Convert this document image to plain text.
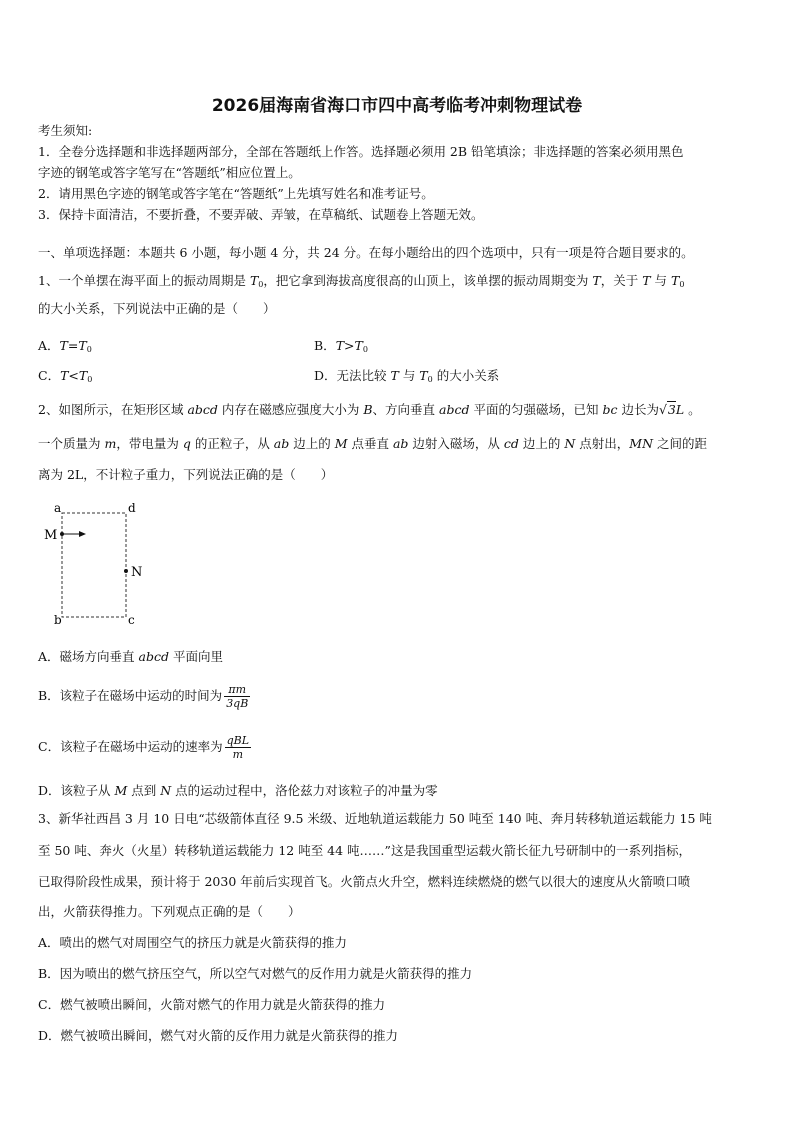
2026届海南省海口市四中高考临考冲刺物理试卷
考生须知:
1．全卷分选择题和非选择题两部分，全部在答题纸上作答。选择题必须用 2B 铅笔填涂；非选择题的答案必须用黑色
字迹的钢笔或答字笔写在“答题纸”相应位置上。
2．请用黑色字迹的钢笔或答字笔在“答题纸”上先填写姓名和准考证号。
3．保持卡面清洁，不要折叠，不要弄破、弄皱，在草稿纸、试题卷上答题无效。
一、单项选择题：本题共 6 小题，每小题 4 分，共 24 分。在每小题给出的四个选项中，只有一项是符合题目要求的。
1、一个单摆在海平面上的振动周期是 $T_0$，把它拿到海拔高度很高的山顶上，该单摆的振动周期变为 T，关于 T 与 $T_0$
的大小关系，下列说法中正确的是（　　）
A．$T=T_0$	B．$T>T_0$
C．$T<T_0$	D．无法比较 T 与 $T_0$ 的大小关系
2、如图所示，在矩形区域 abcd 内存在磁感应强度大小为 B、方向垂直 abcd 平面的匀强磁场，已知 bc 边长为√3L 。
一个质量为 m，带电量为 q 的正粒子，从 ab 边上的 M 点垂直 ab 边射入磁场，从 cd 边上的 N 点射出，MN 之间的距
离为 2L，不计粒子重力，下列说法正确的是（　　）
a	d
b	c
M
N
A．磁场方向垂直 abcd 平面向里
B．该粒子在磁场中运动的时间为 $\frac{\pi m}{3qB}$
C．该粒子在磁场中运动的速率为 $\frac{\text{qBL}}{m}$
D．该粒子从 M 点到 N 点的运动过程中，洛伦兹力对该粒子的冲量为零
3、新华社西昌 3 月 10 日电“芯级箭体直径 9.5 米级、近地轨道运载能力 50 吨至 140 吨、奔月转移轨道运载能力 15 吨
至 50 吨、奔火（火星）转移轨道运载能力 12 吨至 44 吨……”这是我国重型运载火箭长征九号研制中的一系列指标，
已取得阶段性成果，预计将于 2030 年前后实现首飞。火箭点火升空，燃料连续燃烧的燃气以很大的速度从火箭喷口喷
出，火箭获得推力。下列观点正确的是（　　）
A．喷出的燃气对周围空气的挤压力就是火箭获得的推力
B．因为喷出的燃气挤压空气，所以空气对燃气的反作用力就是火箭获得的推力
C．燃气被喷出瞬间，火箭对燃气的作用力就是火箭获得的推力
D．燃气被喷出瞬间，燃气对火箭的反作用力就是火箭获得的推力
